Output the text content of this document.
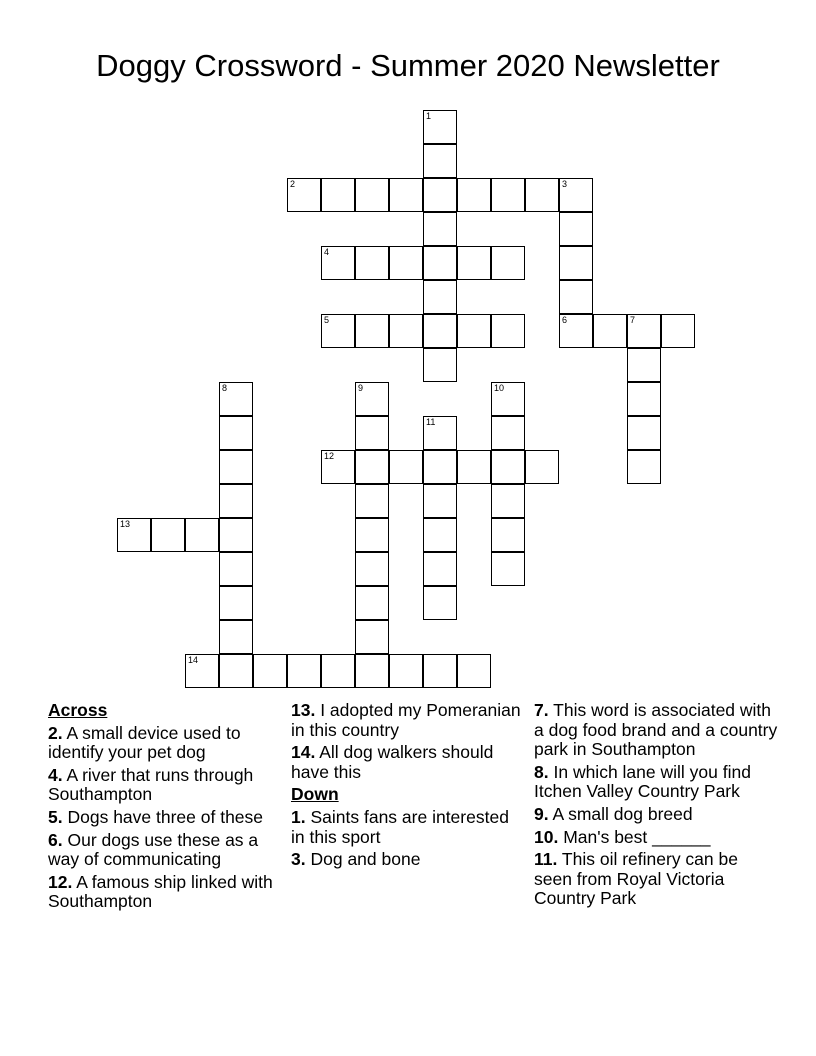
Doggy Crossword - Summer 2020 Newsletter
1
2	3
6
4
5	7
8	9	10
11
12
13
14
Across
2. A small device used to identify your pet dog
4. A river that runs through Southampton
5. Dogs have three of these
6. Our dogs use these as a way of communicating
12. A famous ship linked with Southampton
13. I adopted my Pomeranian in this country
14. All dog walkers should have this
Down
1. Saints fans are interested in this sport
3. Dog and bone
7. This word is associated with a dog food brand and a country park in Southampton
8. In which lane will you find Itchen Valley Country Park
9. A small dog breed
10. Man's best ______
11. This oil refinery can be seen from Royal Victoria Country Park
